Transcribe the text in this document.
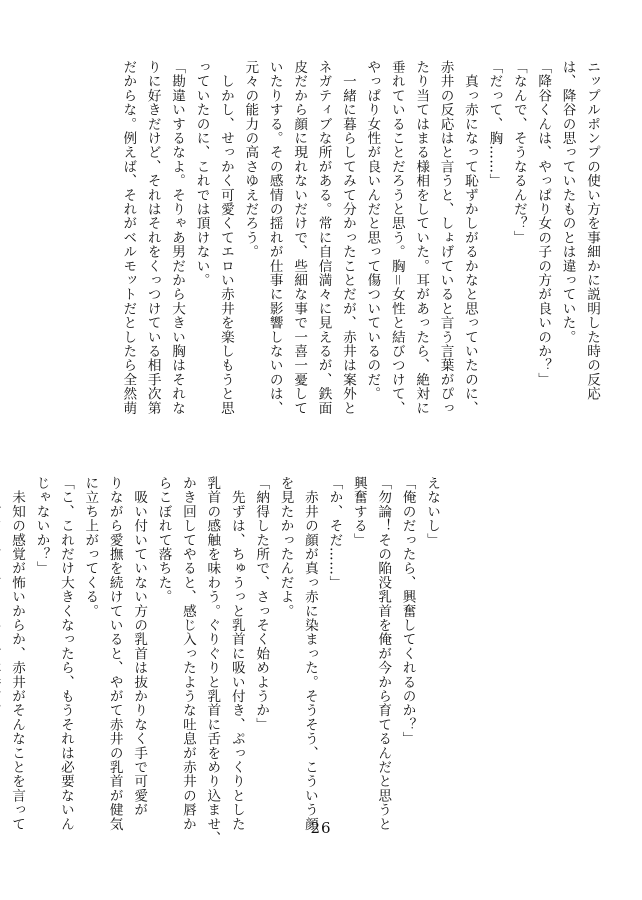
ニップルポンプの使い方を事細かに説明した時の反応
は、降谷の思っていたものとは違っていた。
「降谷くんは、やっぱり女の子の方が良いのか？」
「なんで、そうなるんだ？」
「だって、胸……」
　真っ赤になって恥ずかしがるかなと思っていたのに、
赤井の反応はと言うと、しょげていると言う言葉がぴっ
たり当てはまる様相をしていた。耳があったら、絶対に
垂れていることだろうと思う。胸＝女性と結びつけて、
やっぱり女性が良いんだと思って傷ついているのだ。
　一緒に暮らしてみて分かったことだが、赤井は案外と
ネガティブな所がある。常に自信満々に見えるが、鉄面
皮だから顔に現れないだけで、些細な事で一喜一憂して
いたりする。その感情の揺れが仕事に影響しないのは、
元々の能力の高さゆえだろう。
　しかし、せっかく可愛くてエロい赤井を楽しもうと思
っていたのに、これでは頂けない。
「勘違いするなよ。そりゃあ男だから大きい胸はそれな
りに好きだけど、それはそれをくっつけている相手次第
だからな。例えば、それがベルモットだとしたら全然萌
えないし」
「俺のだったら、興奮してくれるのか？」
「勿論！その陥没乳首を俺が今から育てるんだと思うと
興奮する」
「か、そだ……」
　赤井の顔が真っ赤に染まった。そうそう、こういう顔
を見たかったんだよ。
「納得した所で、さっそく始めようか」
　先ずは、ちゅうっと乳首に吸い付き、ぷっくりとした
乳首の感触を味わう。ぐりぐりと乳首に舌をめり込ませ、
かき回してやると、感じ入ったような吐息が赤井の唇か
らこぼれて落ちた。
　吸い付いていない方の乳首は抜かりなく手で可愛が
りながら愛撫を続けていると、やがて赤井の乳首が健気
に立ち上がってくる。
「こ、これだけ大きくなったら、もうそれは必要ないん
じゃないか？」
　未知の感覚が怖いからか、赤井がそんなことを言って	26
